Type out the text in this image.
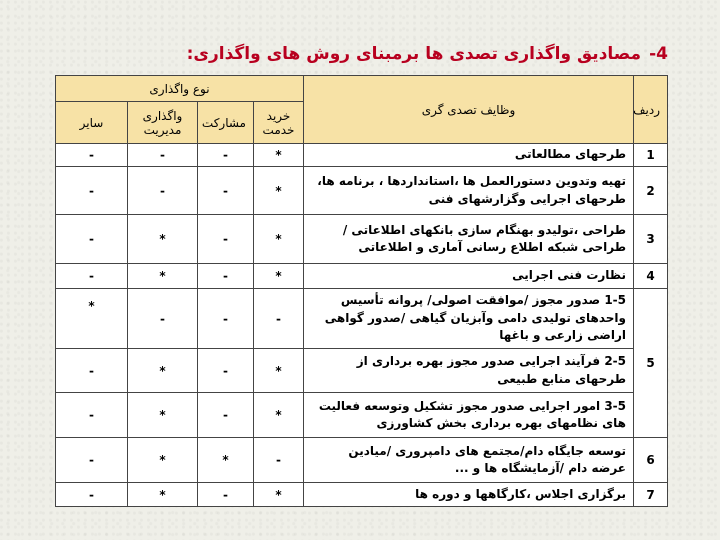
4-مصادیق واگذاری تصدی ها برمبنای روش های واگذاری:
ردیف	وظایف تصدی گری	نوع واگذاری			
		خرید خدمت	مشارکت	واگذاری مدیریت	سایر
1	طرحهای مطالعاتی	*	-	-	-
2	تهیه وتدوین دستورالعمل ها ،استانداردها ، برنامه ها، طرحهای اجرایی وگزارشهای فنی	*	-	-	-
3	طراحی ،تولیدو بهنگام سازی بانکهای اطلاعاتی /طراحی شبکه اطلاع رسانی آماری و اطلاعاتی	*	-	*	-
4	نظارت فنی اجرایی	*	-	*	-
5	1-5 صدور مجوز /موافقت اصولی/ پروانه تأسیس واحدهای تولیدی دامی وآبزیان گیاهی /صدور گواهی اراضی زارعی و باغها	-	-	-	*
	2-5 فرآیند اجرایی صدور مجوز بهره برداری از طرحهای منابع طبیعی	*	-	*	-
	3-5 امور اجرایی صدور مجوز تشکیل وتوسعه فعالیت های نظامهای بهره برداری بخش کشاورزی	*	-	*	-
6	توسعه جایگاه دام/مجتمع های دامپروری /میادین عرضه دام /آزمایشگاه ها و ...	-	*	*	-
7	برگزاری اجلاس ،کارگاهها و دوره ها	*	-	*	-
